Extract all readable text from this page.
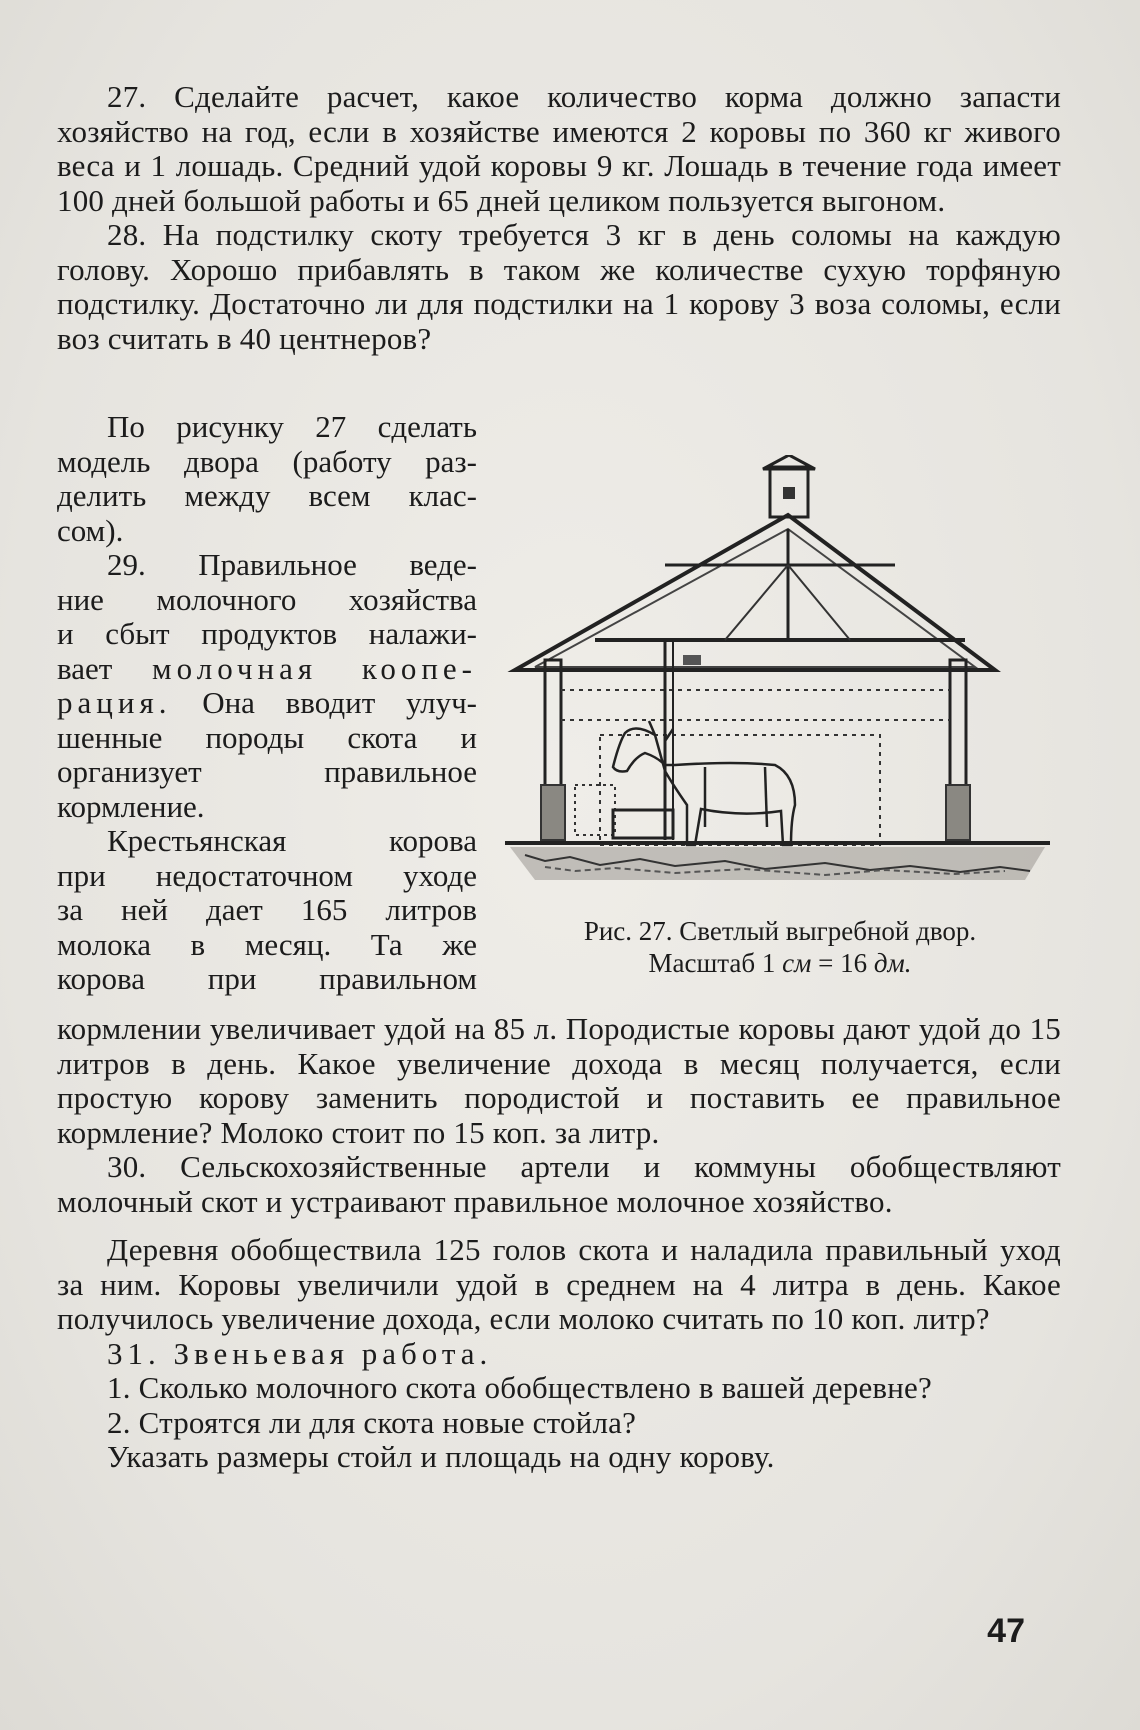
27. Сделайте расчет, какое количество корма должно запасти хозяйство на год, если в хозяйстве имеются 2 коровы по 360 кг живого веса и 1 лошадь. Средний удой коровы 9 кг. Лошадь в течение года имеет 100 дней большой работы и 65 дней целиком пользуется выгоном.

28. На подстилку скоту требуется 3 кг в день соломы на каждую голову. Хорошо прибавлять в таком же количестве сухую торфяную подстилку. Достаточно ли для подстилки на 1 корову 3 воза соломы, если воз считать в 40 центнеров?

По рисунку 27 сделать
модель двора (работу раз-
делить между всем клас-
сом).
29. Правильное веде-
ние молочного хозяйства
и сбыт продуктов налажи-
вает молочная коопе-
рация. Она вводит улуч-
шенные породы скота и
организует правильное
кормление.
Крестьянская корова
при недостаточном уходе
за ней дает 165 литров
молока в месяц. Та же
корова при правильном
Рис. 27. Светлый выгребной двор.
Масштаб 1 см = 16 дм.

кормлении увеличивает удой на 85 л. Породистые коровы дают удой до 15 литров в день. Какое увеличение дохода в месяц получается, если простую корову заменить породистой и поставить ее правильное кормление? Молоко стоит по 15 коп. за литр.

30. Сельскохозяйственные артели и коммуны обобществляют молочный скот и устраивают правильное молочное хозяйство.

Деревня обобществила 125 голов скота и наладила правильный уход за ним. Коровы увеличили удой в среднем на 4 литра в день. Какое получилось увеличение дохода, если молоко считать по 10 коп. литр?

31. Звеньевая работа.

1. Сколько молочного скота обобществлено в вашей деревне?

2. Строятся ли для скота новые стойла?

Указать размеры стойл и площадь на одну корову.

47
